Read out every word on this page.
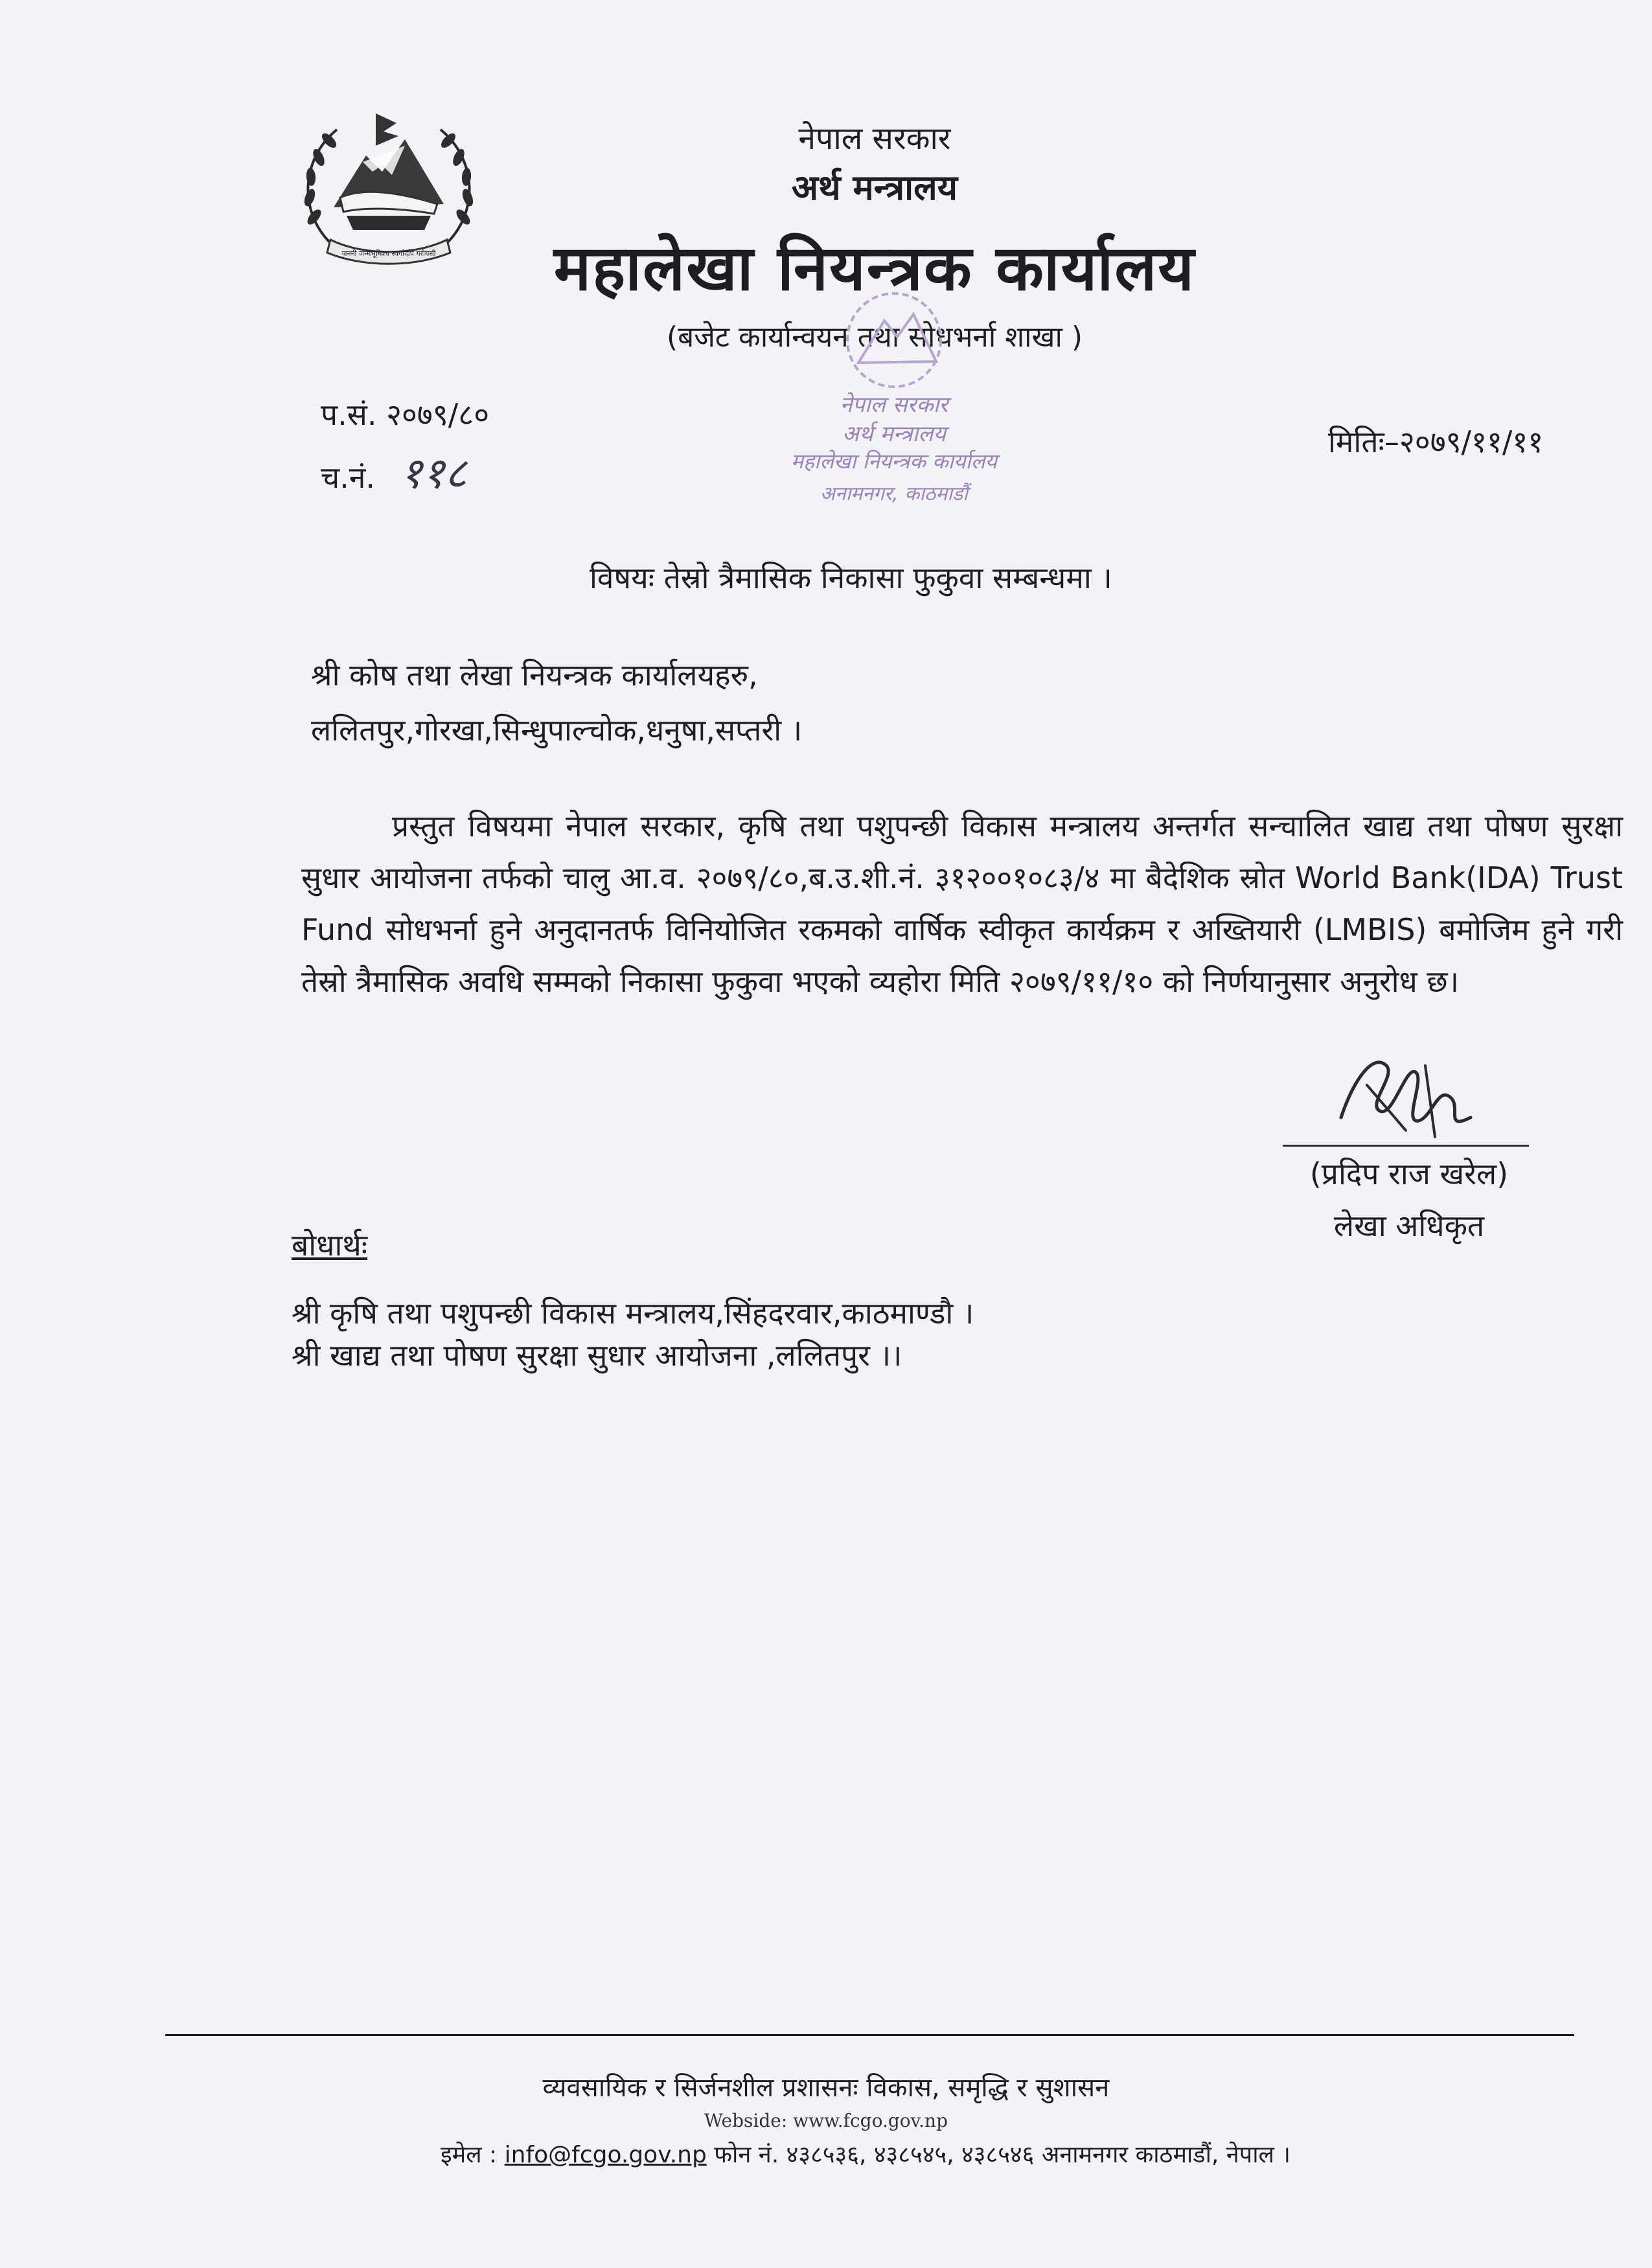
जननी जन्मभूमिश्च स्वर्गादपि गरीयसी
नेपाल सरकार
अर्थ मन्त्रालय
महालेखा नियन्त्रक कार्यालय
(बजेट कार्यान्वयन तथा सोधभर्ना शाखा )
नेपाल सरकार
अर्थ मन्त्रालय
महालेखा नियन्त्रक कार्यालय
अनामनगर, काठमाडौं
प.सं. २०७९/८०
च.नं. ११८
मितिः–२०७९/११/११
विषयः तेस्रो त्रैमासिक निकासा फुकुवा सम्बन्धमा ।
श्री कोष तथा लेखा नियन्त्रक कार्यालयहरु,
ललितपुर,गोरखा,सिन्धुपाल्चोक,धनुषा,सप्तरी ।
प्रस्तुत विषयमा नेपाल सरकार, कृषि तथा पशुपन्छी विकास मन्त्रालय अन्तर्गत सन्चालित खाद्य तथा पोषण सुरक्षा सुधार आयोजना तर्फको चालु आ.व. २०७९/८०,ब.उ.शी.नं. ३१२००१०८३/४ मा बैदेशिक स्रोत World Bank(IDA) Trust Fund सोधभर्ना हुने अनुदानतर्फ विनियोजित रकमको वार्षिक स्वीकृत कार्यक्रम र अख्तियारी (LMBIS) बमोजिम हुने गरी तेस्रो त्रैमासिक अवधि सम्मको निकासा फुकुवा भएको व्यहोरा मिति २०७९/११/१० को निर्णयानुसार अनुरोध छ।
(प्रदिप राज खरेल)
लेखा अधिकृत
बोधार्थः
श्री कृषि तथा पशुपन्छी विकास मन्त्रालय,सिंहदरवार,काठमाण्डौ ।
श्री खाद्य तथा पोषण सुरक्षा सुधार आयोजना ,ललितपुर ।।
व्यवसायिक र सिर्जनशील प्रशासनः विकास, समृद्धि र सुशासन
Webside: www.fcgo.gov.np
इमेल : info@fcgo.gov.np फोन नं. ४३८५३६, ४३८५४५, ४३८५४६ अनामनगर काठमाडौं, नेपाल ।
